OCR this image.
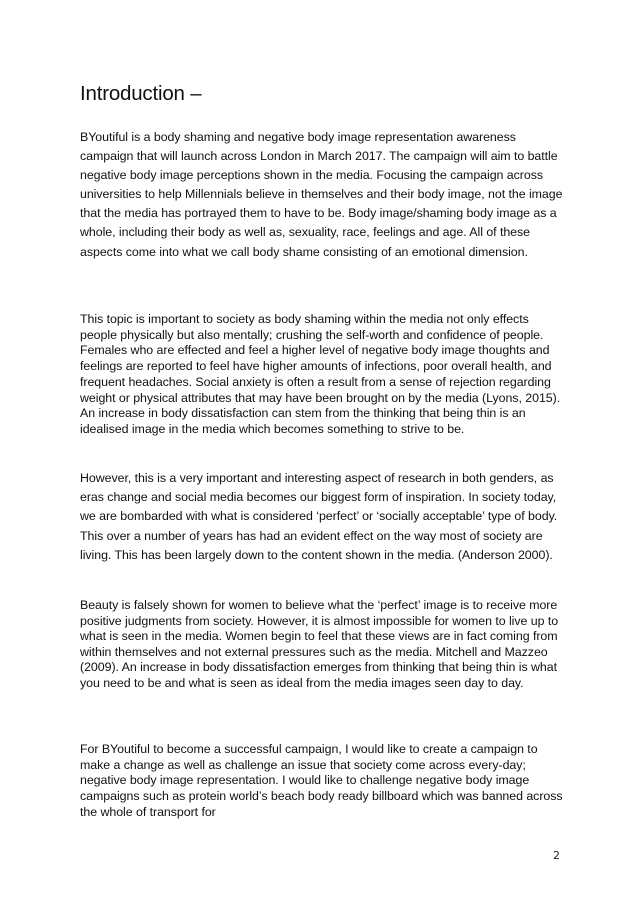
Introduction –

BYoutiful is a body shaming and negative body image representation awareness campaign that will launch across London in March 2017. The campaign will aim to battle negative body image perceptions shown in the media. Focusing the campaign across universities to help Millennials believe in themselves and their body image, not the image that the media has portrayed them to have to be. Body image/shaming body image as a whole, including their body as well as, sexuality, race, feelings and age. All of these aspects come into what we call body shame consisting of an emotional dimension.

This topic is important to society as body shaming within the media not only effects people physically but also mentally; crushing the self-worth and confidence of people. Females who are effected and feel a higher level of negative body image thoughts and feelings are reported to feel have higher amounts of infections, poor overall health, and frequent headaches. Social anxiety is often a result from a sense of rejection regarding weight or physical attributes that may have been brought on by the media (Lyons, 2015). An increase in body dissatisfaction can stem from the thinking that being thin is an idealised image in the media which becomes something to strive to be.

However, this is a very important and interesting aspect of research in both genders, as eras change and social media becomes our biggest form of inspiration. In society today, we are bombarded with what is considered ‘perfect’ or ‘socially acceptable’ type of body. This over a number of years has had an evident effect on the way most of society are living. This has been largely down to the content shown in the media. (Anderson 2000).

Beauty is falsely shown for women to believe what the ‘perfect’ image is to receive more positive judgments from society. However, it is almost impossible for women to live up to what is seen in the media. Women begin to feel that these views are in fact coming from within themselves and not external pressures such as the media. Mitchell and Mazzeo (2009). An increase in body dissatisfaction emerges from thinking that being thin is what you need to be and what is seen as ideal from the media images seen day to day.

For BYoutiful to become a successful campaign, I would like to create a campaign to make a change as well as challenge an issue that society come across every-day; negative body image representation. I would like to challenge negative body image campaigns such as protein world’s beach body ready billboard which was banned across the whole of transport for

2
